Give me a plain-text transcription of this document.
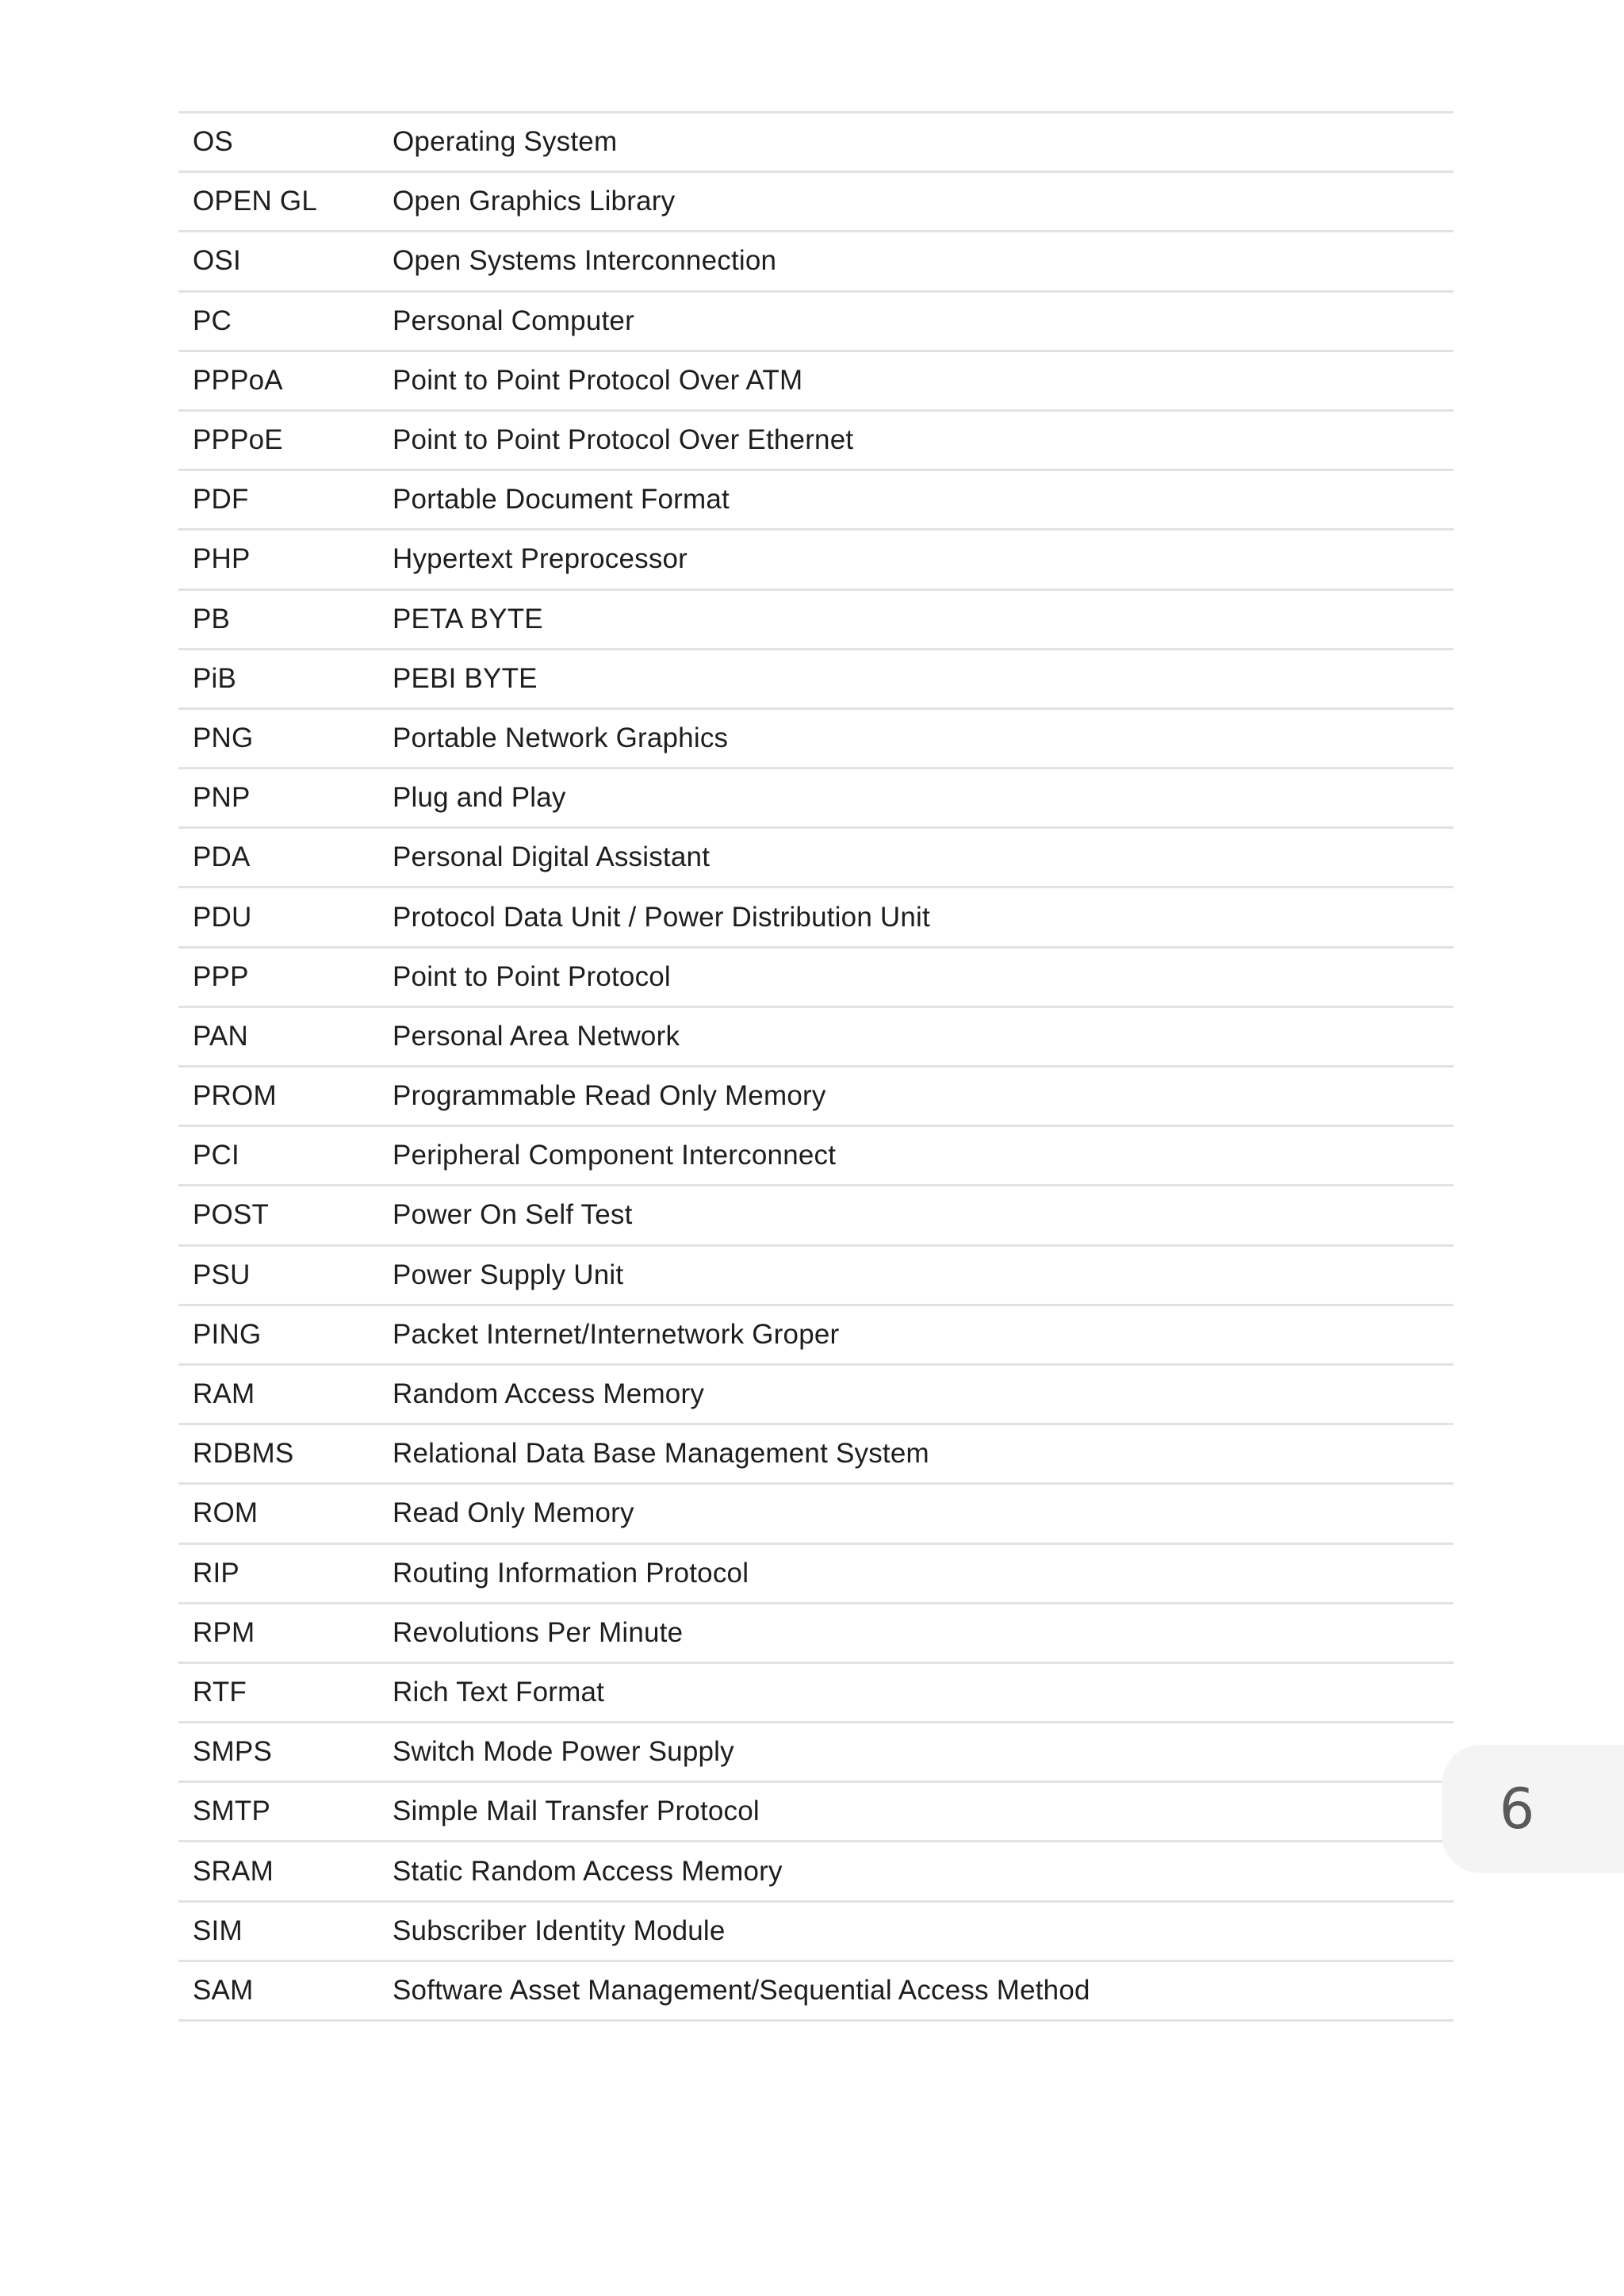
OS	Operating System
OPEN GL	Open Graphics Library
OSI	Open Systems Interconnection
PC	Personal Computer
PPPoA	Point to Point Protocol Over ATM
PPPoE	Point to Point Protocol Over Ethernet
PDF	Portable Document Format
PHP	Hypertext Preprocessor
PB	PETA BYTE
PiB	PEBI BYTE
PNG	Portable Network Graphics
PNP	Plug and Play
PDA	Personal Digital Assistant
PDU	Protocol Data Unit / Power Distribution Unit
PPP	Point to Point Protocol
PAN	Personal Area Network
PROM	Programmable Read Only Memory
PCI	Peripheral Component Interconnect
POST	Power On Self Test
PSU	Power Supply Unit
PING	Packet Internet/Internetwork Groper
RAM	Random Access Memory
RDBMS	Relational Data Base Management System
ROM	Read Only Memory
RIP	Routing Information Protocol
RPM	Revolutions Per Minute
RTF	Rich Text Format
SMPS	Switch Mode Power Supply
SMTP	Simple Mail Transfer Protocol
SRAM	Static Random Access Memory
SIM	Subscriber Identity Module
SAM	Software Asset Management/Sequential Access Method
6
